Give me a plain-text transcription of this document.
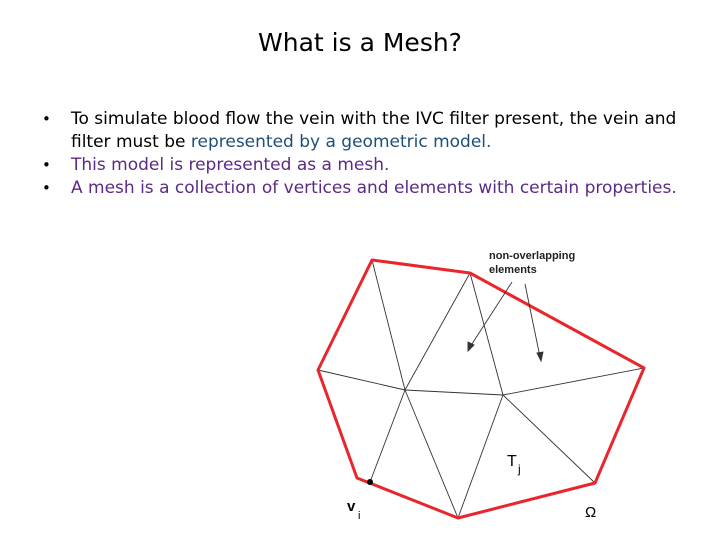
What is a Mesh?
• To simulate blood flow the vein with the IVC filter present, the vein and filter must be represented by a geometric model.
• This model is represented as a mesh.
• A mesh is a collection of vertices and elements with certain properties.
non-overlapping
elements
T j
v
i	Ω
